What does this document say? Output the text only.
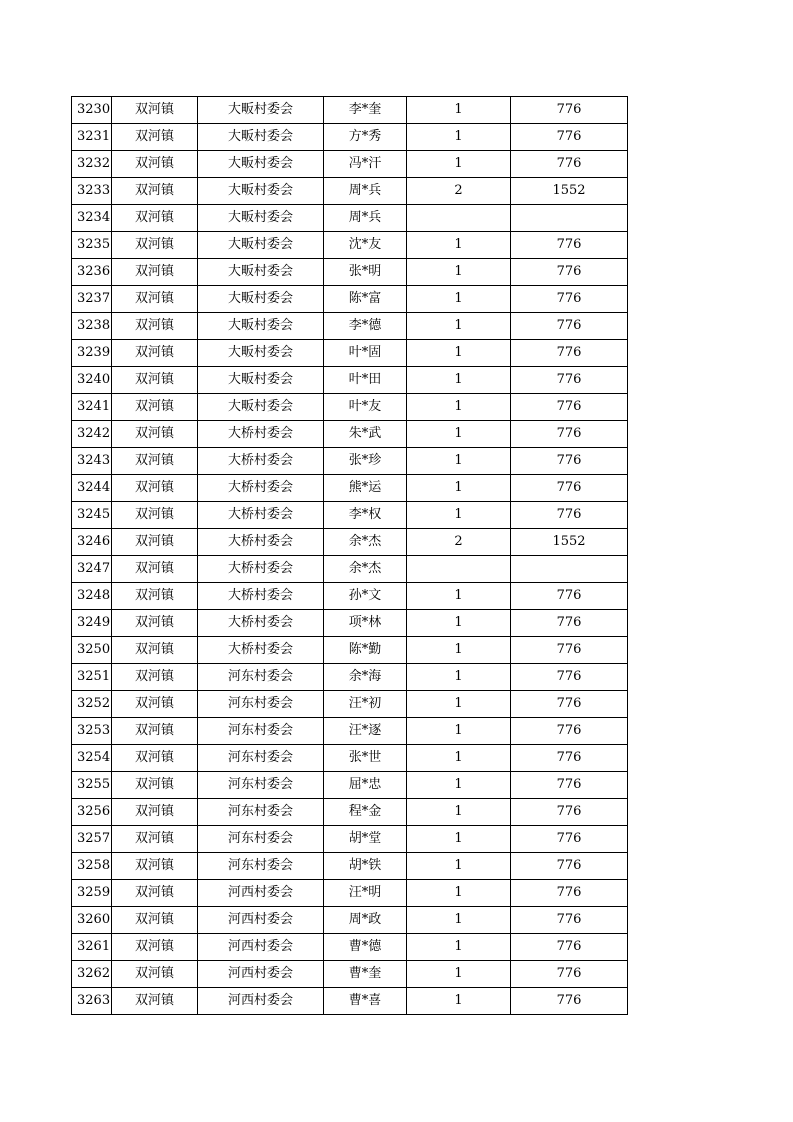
3230	双河镇	大畈村委会	李*奎	1	776
3231	双河镇	大畈村委会	方*秀	1	776
3232	双河镇	大畈村委会	冯*汗	1	776
3233	双河镇	大畈村委会	周*兵	2	1552
3234	双河镇	大畈村委会	周*兵		
3235	双河镇	大畈村委会	沈*友	1	776
3236	双河镇	大畈村委会	张*明	1	776
3237	双河镇	大畈村委会	陈*富	1	776
3238	双河镇	大畈村委会	李*德	1	776
3239	双河镇	大畈村委会	叶*固	1	776
3240	双河镇	大畈村委会	叶*田	1	776
3241	双河镇	大畈村委会	叶*友	1	776
3242	双河镇	大桥村委会	朱*武	1	776
3243	双河镇	大桥村委会	张*珍	1	776
3244	双河镇	大桥村委会	熊*运	1	776
3245	双河镇	大桥村委会	李*权	1	776
3246	双河镇	大桥村委会	余*杰	2	1552
3247	双河镇	大桥村委会	余*杰		
3248	双河镇	大桥村委会	孙*文	1	776
3249	双河镇	大桥村委会	项*林	1	776
3250	双河镇	大桥村委会	陈*勤	1	776
3251	双河镇	河东村委会	余*海	1	776
3252	双河镇	河东村委会	汪*初	1	776
3253	双河镇	河东村委会	汪*逐	1	776
3254	双河镇	河东村委会	张*世	1	776
3255	双河镇	河东村委会	屈*忠	1	776
3256	双河镇	河东村委会	程*金	1	776
3257	双河镇	河东村委会	胡*堂	1	776
3258	双河镇	河东村委会	胡*铁	1	776
3259	双河镇	河西村委会	汪*明	1	776
3260	双河镇	河西村委会	周*政	1	776
3261	双河镇	河西村委会	曹*德	1	776
3262	双河镇	河西村委会	曹*奎	1	776
3263	双河镇	河西村委会	曹*喜	1	776
